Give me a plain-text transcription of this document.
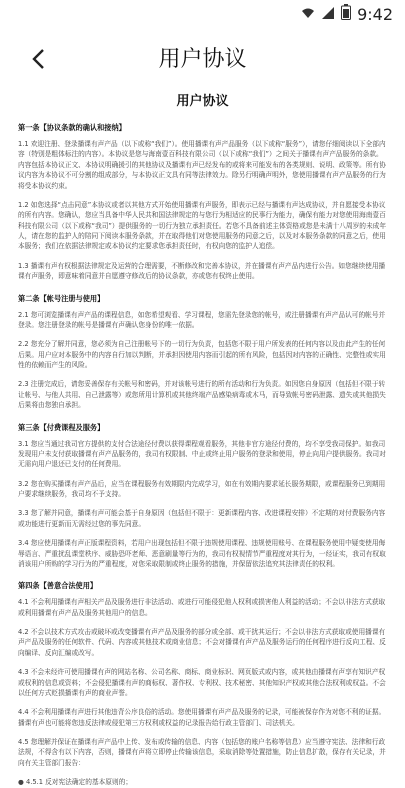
9:42
用户协议
用户协议
第一条【协议条款的确认和接纳】
1.1 欢迎注册、登录播课有声产品（以下或称“我们”）。使用播课有声产品服务（以下或称“服务”），请您仔细阅读以下全部内容（特别是粗体标注的内容）。本协议是您与海南壹百科技有限公司（以下或称“我们”）之间关于播课有声产品服务的条款。内容包括本协议正文、本协议明确援引的其他协议及播课有声已经发布的或将来可能发布的各类规则、说明、政策等。所有协议内容为本协议不可分割的组成部分，与本协议正文具有同等法律效力。除另行明确声明外，您使用播课有声产品服务的行为将受本协议约束。
1.2 如您选择“点击同意”本协议或者以其他方式开始使用播课有声服务，即表示已经与播课有声达成协议，并自愿接受本协议的所有内容。您确认，您应当具备中华人民共和国法律规定的与您行为相适应的民事行为能力，确保有能力对您使用海南壹百科技有限公司（以下或称“我司”）提供服务的一切行为独立承担责任。若您不具备前述主体资格或您是未满十八周岁的未成年人，请在您的监护人的陪同下阅读本服务条款，并在取得他们对您使用服务的同意之后，以及对本服务条款的同意之后，使用本服务；我们在依据法律规定或本协议约定要求您承担责任时，有权向您的监护人追偿。
1.3 播课有声有权根据法律规定及运营的合理需要，不断修改和完善本协议，并在播课有声产品内进行公告。如您继续使用播课有声服务，即意味着同意并自愿遵守修改后的协议条款，亦或您有权终止使用。
第二条【帐号注册与使用】
2.1 您可浏览播课有声产品的课程信息，如您希望观看、学习课程，您需先登录您的帐号，或注册播课有声产品认可的帐号并登录。您注册登录的帐号是播课有声确认您身份的唯一依据。
2.2 您充分了解并同意，您必须为自己注册帐号下的一切行为负责，包括您不限于用户所发表的任何内容以及由此产生的任何后果。用户应对本服务中的内容自行加以判断，并承担因使用内容而引起的所有风险，包括因对内容的正确性、完整性或实用性的依赖而产生的风险。
2.3 注册完成后，请您妥善保存有关帐号和密码，并对该帐号进行的所有活动和行为负责。如因您自身原因（包括但不限于转让帐号、与他人共用、自己泄露等）或您所用计算机或其他终端产品感染病毒或木马，而导致帐号密码泄露、遗失或其他损失后果将由您独自承担。
第三条【付费课程及服务】
3.1 您应当通过我司官方提供的支付合法途径付费以获得课程观看服务，其他非官方途径付费的，均不享受我司保护。如我司发现用户未支付获取播课有声产品服务的，我司有权限制、中止或终止用户服务的登录和使用，停止向用户提供服务。我司对无需向用户退还已支付的任何费用。
3.2 您在购买播课有声产品后，应当在课程服务有效期限内完成学习，如在有效期内要求延长服务期限，或课程服务已到期用户要求继续服务，我司均不予支持。
3.3 您了解并同意，播课有声可能会基于自身原因（包括但不限于：更新课程内容、改进课程安排）不定期的对付费服务内容或功能进行更新而无需经过您的事先同意。
3.4 您应使用播课有声正版课程资料，若用户出现包括但不限于违规使用课程、违规使用账号、在课程服务使用中疑变使用侮辱语言、严重扰乱课堂秩序、威胁恐吓老师、恶意刷量等行为的，我司有权视情节严重程度对其行为，一经证实，我司有权取消该用户所购的学习行为的严重程度，对您采取限制或终止服务的措施，并保留依法追究其法律责任的权利。
第四条【善意合法使用】
4.1 不会利用播课有声相关产品及服务进行非法活动、或进行可能侵犯他人权利或损害他人利益的活动；不会以非法方式获取或利用播课有声产品及服务其他用户的信息。
4.2 不会以技术方式攻击或破坏或改变播课有声产品及服务的部分或全部、或干扰其运行；不会以非法方式获取或使用播课有声产品及服务的任何软件、代码、内容或其他技术或商业信息；不会对播课有声产品及服务运行的任何程序进行反向工程、反向编译、反向汇编或改写。
4.3 不会未经许可使用播课有声的网站名称、公司名称、商标、商业标识、网页版式或内容，或其他由播课有声享有知识产权或权利的信息或资料；不会侵犯播课有声的商标权、著作权、专利权、技术秘密、其他知识产权或其他合法权利或权益。不会以任何方式贬损播课有声的商业声誉。
4.4 不会利用播课有声进行其他违背公序良俗的活动。您使用播课有声产品及服务的记录，可能被保存作为对您不利的证据。播课有声也可能将您违反法律或侵犯第三方权利或权益的记录报告给行政主管部门、司法机关。
4.5 您理解并保证在播课有声产品中上传、发布或传输的信息、内容（包括您的账户名称等信息）应当遵守宪法、法律和行政法规，不得含有以下内容，否则，播课有声将立即停止传输该信息，采取消除等处置措施，防止信息扩散，保存有关记录，并向有关主管部门报告：
● 4.5.1 反对宪法确定的基本原则的；
